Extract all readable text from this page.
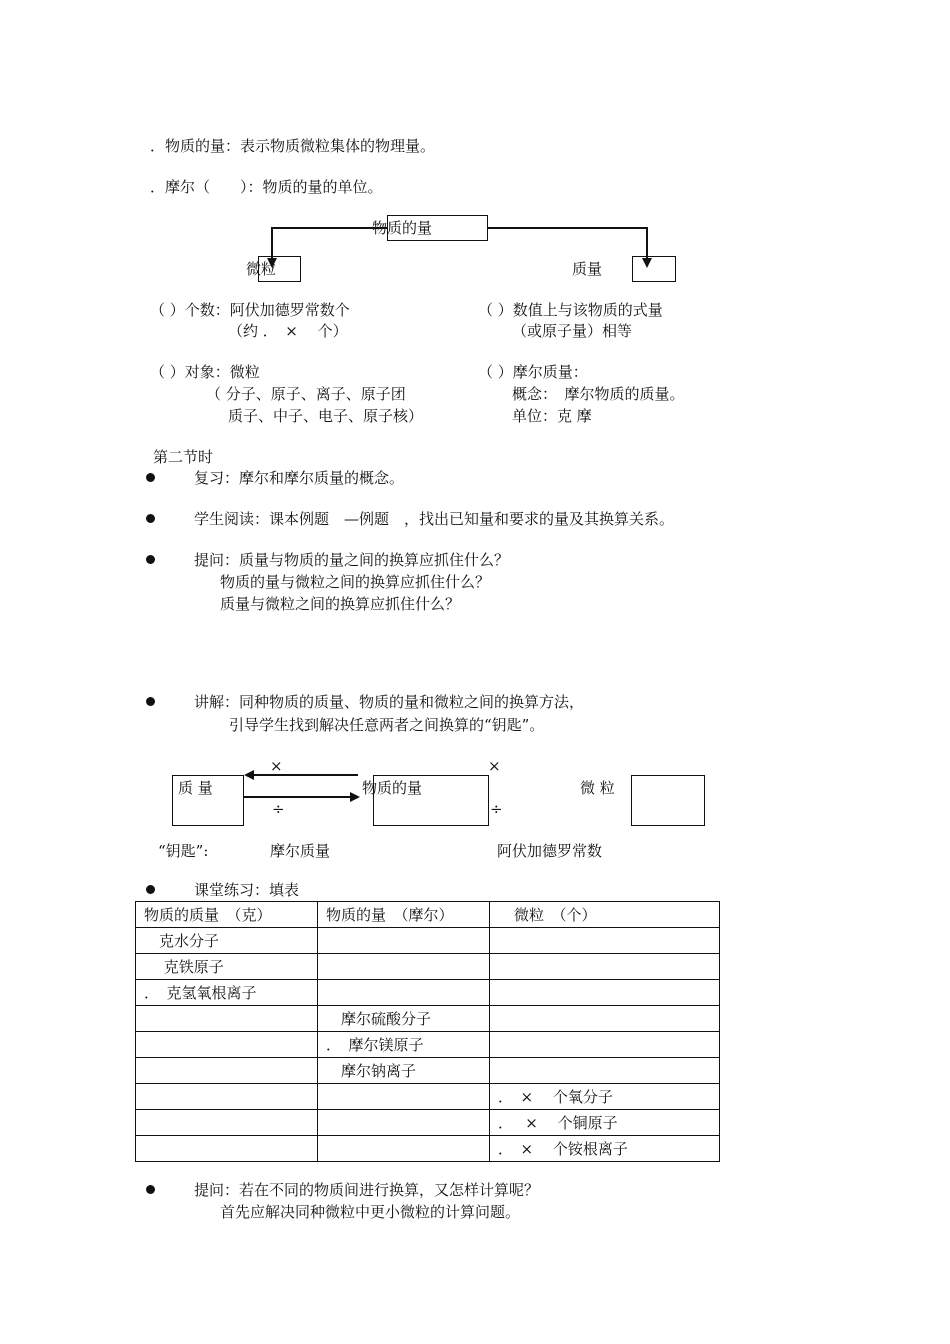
．物质的量：表示物质微粒集体的物理量。
．摩尔（　　）：物质的量的单位。
物质的量
微粒	质量
（ ）个数：阿伏加德罗常数个
（约 ．　×　 个）
（ ）对象：微粒
（ 分子、原子、离子、原子团
质子、中子、电子、原子核）
（ ）数值上与该物质的式量
（或原子量）相等
（ ）摩尔质量：
概念：　摩尔物质的质量。
单位：克 摩
第二节时
复习：摩尔和摩尔质量的概念。
学生阅读：课本例题　—例题　，找出已知量和要求的量及其换算关系。
提问：质量与物质的量之间的换算应抓住什么？
物质的量与微粒之间的换算应抓住什么？
质量与微粒之间的换算应抓住什么？
讲解：同种物质的质量、物质的量和微粒之间的换算方法，
引导学生找到解决任意两者之间换算的“钥匙”。
质 量	物质的量	微 粒
×
÷
×
÷
“钥匙”:	摩尔质量	阿伏加德罗常数
课堂练习：填表
物质的质量　（克）	物质的量　（摩尔）	微粒　（个）
　克水分子		
　 克铁原子		
．　克氢氧根离子		
	　摩尔硫酸分子	
	．　摩尔镁原子	
	　摩尔钠离子	
		．　×　 个氧分子
		．　 ×　 个铜原子
		．　×　 个铵根离子
提问：若在不同的物质间进行换算，又怎样计算呢？
首先应解决同种微粒中更小微粒的计算问题。
